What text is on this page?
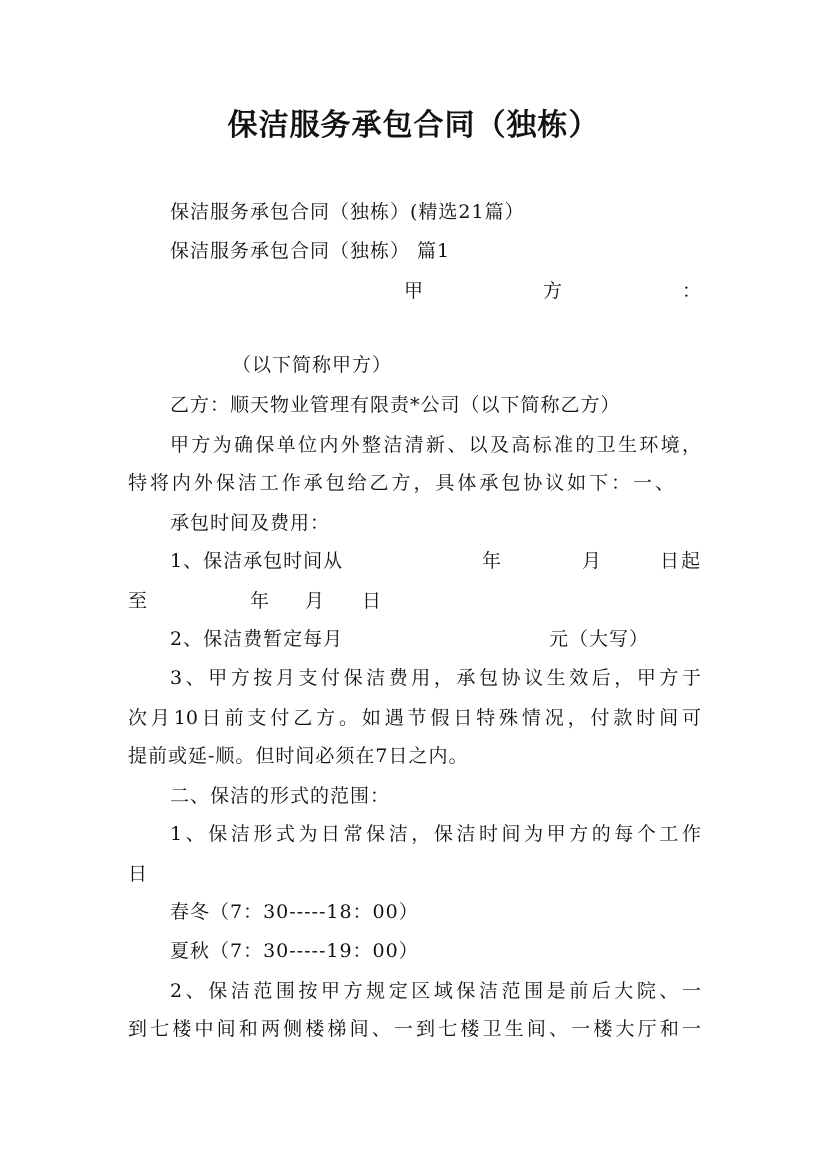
保洁服务承包合同（独栋）
保洁服务承包合同（独栋）(精选21篇）
保洁服务承包合同（独栋） 篇1
甲	方	：
（以下简称甲方）
乙方：顺天物业管理有限责*公司（以下简称乙方）
甲方为确保单位内外整洁清新、以及高标准的卫生环境，
特将内外保洁工作承包给乙方，具体承包协议如下：一、
承包时间及费用：
1、保洁承包时间从	年	月	日起
至	年 月 日
2、保洁费暂定每月	元（大写）
3、甲方按月支付保洁费用，承包协议生效后，甲方于
次月10日前支付乙方。如遇节假日特殊情况，付款时间可
提前或延-顺。但时间必须在7日之内。
二、保洁的形式的范围：
1、保洁形式为日常保洁，保洁时间为甲方的每个工作
日
春冬（7：30-----18：00）
夏秋（7：30-----19：00）
2、保洁范围按甲方规定区域保洁范围是前后大院、一
到七楼中间和两侧楼梯间、一到七楼卫生间、一楼大厅和一
